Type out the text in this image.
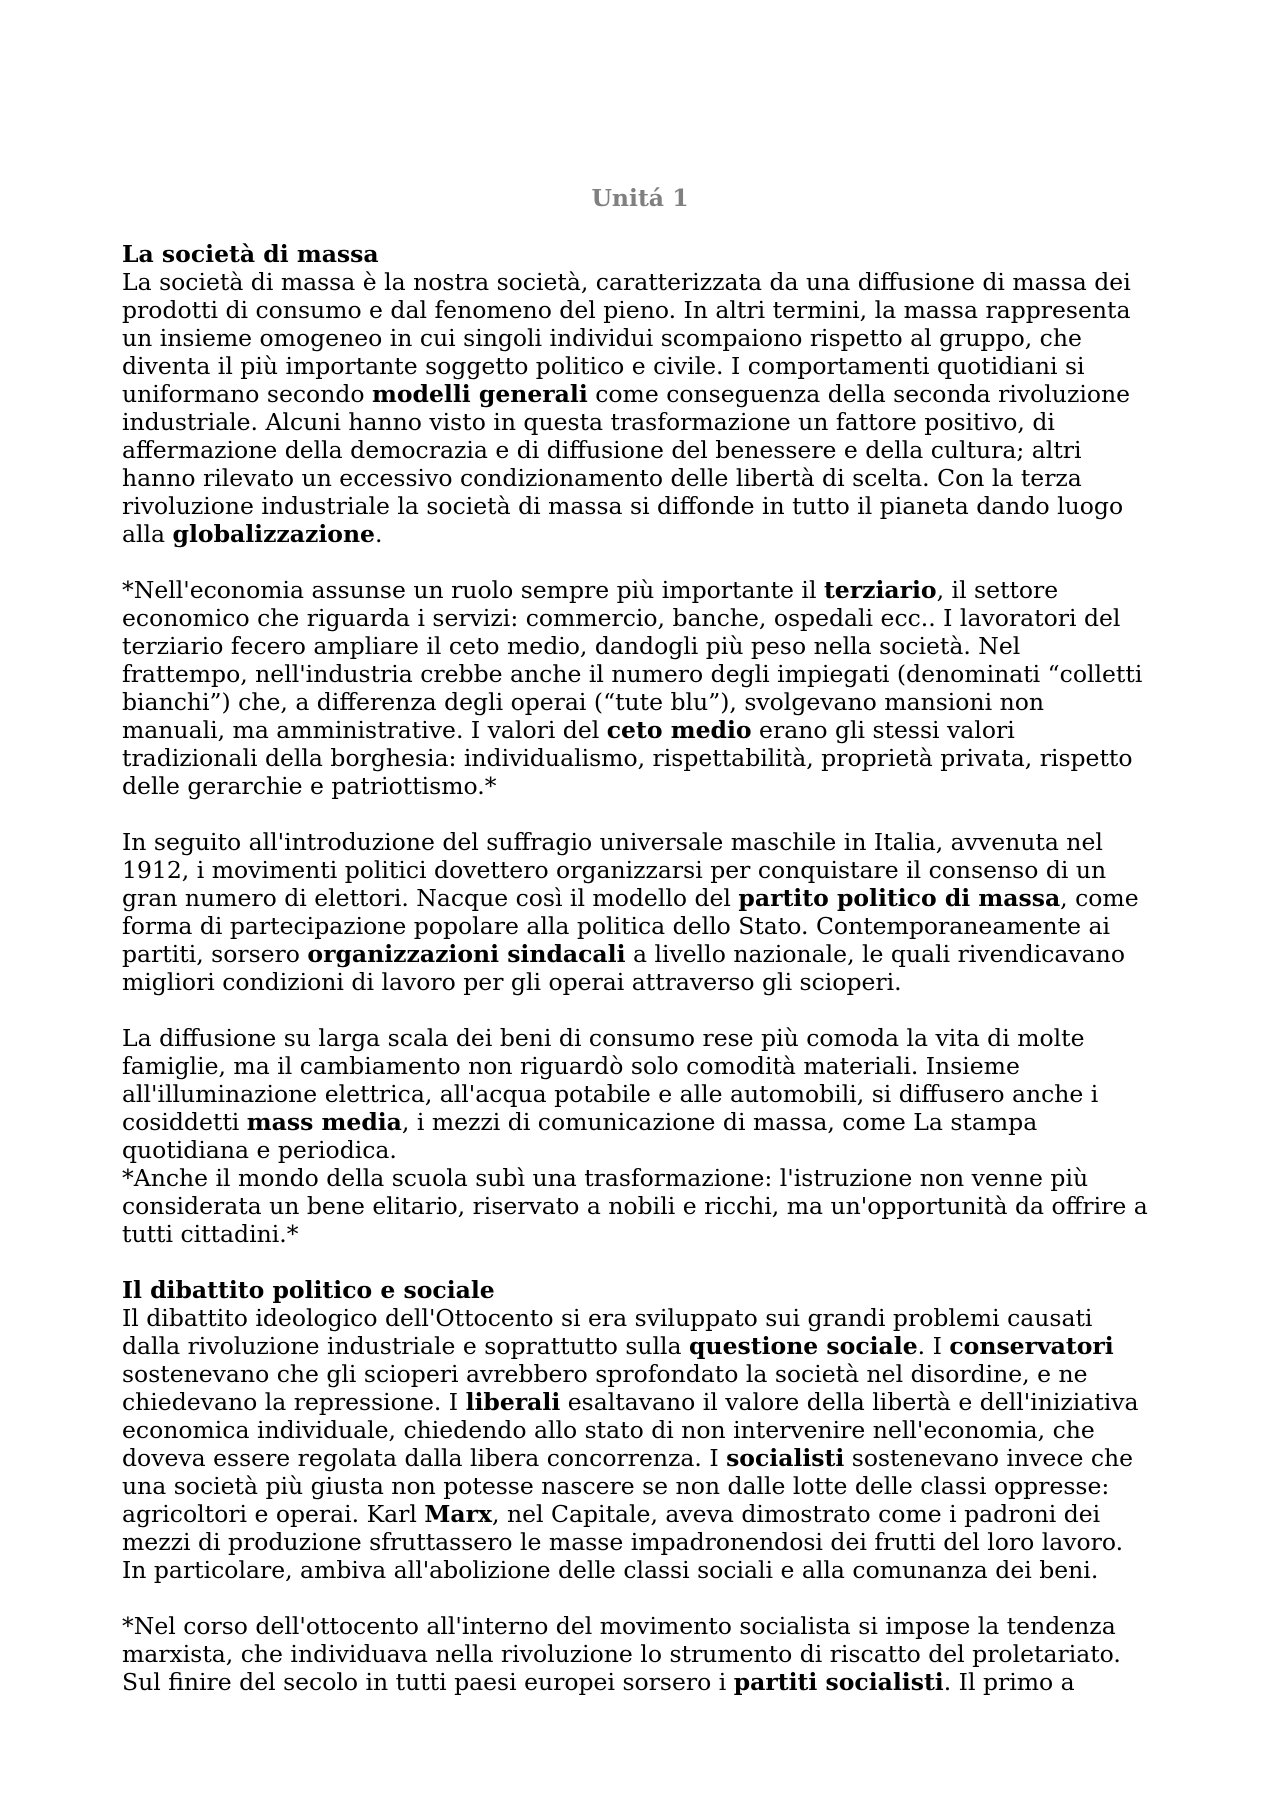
Unitá 1
La società di massa

La società di massa è la nostra società, caratterizzata da una diffusione di massa dei
prodotti di consumo e dal fenomeno del pieno. In altri termini, la massa rappresenta
un insieme omogeneo in cui singoli individui scompaiono rispetto al gruppo, che
diventa il più importante soggetto politico e civile. I comportamenti quotidiani si
uniformano secondo modelli generali come conseguenza della seconda rivoluzione
industriale. Alcuni hanno visto in questa trasformazione un fattore positivo, di
affermazione della democrazia e di diffusione del benessere e della cultura; altri
hanno rilevato un eccessivo condizionamento delle libertà di scelta. Con la terza
rivoluzione industriale la società di massa si diffonde in tutto il pianeta dando luogo
alla globalizzazione.

*Nell'economia assunse un ruolo sempre più importante il terziario, il settore
economico che riguarda i servizi: commercio, banche, ospedali ecc.. I lavoratori del
terziario fecero ampliare il ceto medio, dandogli più peso nella società. Nel
frattempo, nell'industria crebbe anche il numero degli impiegati (denominati “colletti
bianchi”) che, a differenza degli operai (“tute blu”), svolgevano mansioni non
manuali, ma amministrative. I valori del ceto medio erano gli stessi valori
tradizionali della borghesia: individualismo, rispettabilità, proprietà privata, rispetto
delle gerarchie e patriottismo.*

In seguito all'introduzione del suffragio universale maschile in Italia, avvenuta nel
1912, i movimenti politici dovettero organizzarsi per conquistare il consenso di un
gran numero di elettori. Nacque così il modello del partito politico di massa, come
forma di partecipazione popolare alla politica dello Stato. Contemporaneamente ai
partiti, sorsero organizzazioni sindacali a livello nazionale, le quali rivendicavano
migliori condizioni di lavoro per gli operai attraverso gli scioperi.

La diffusione su larga scala dei beni di consumo rese più comoda la vita di molte
famiglie, ma il cambiamento non riguardò solo comodità materiali. Insieme
all'illuminazione elettrica, all'acqua potabile e alle automobili, si diffusero anche i
cosiddetti mass media, i mezzi di comunicazione di massa, come La stampa
quotidiana e periodica.

*Anche il mondo della scuola subì una trasformazione: l'istruzione non venne più
considerata un bene elitario, riservato a nobili e ricchi, ma un'opportunità da offrire a
tutti cittadini.*

Il dibattito politico e sociale

Il dibattito ideologico dell'Ottocento si era sviluppato sui grandi problemi causati
dalla rivoluzione industriale e soprattutto sulla questione sociale. I conservatori
sostenevano che gli scioperi avrebbero sprofondato la società nel disordine, e ne
chiedevano la repressione. I liberali esaltavano il valore della libertà e dell'iniziativa
economica individuale, chiedendo allo stato di non intervenire nell'economia, che
doveva essere regolata dalla libera concorrenza. I socialisti sostenevano invece che
una società più giusta non potesse nascere se non dalle lotte delle classi oppresse:
agricoltori e operai. Karl Marx, nel Capitale, aveva dimostrato come i padroni dei
mezzi di produzione sfruttassero le masse impadronendosi dei frutti del loro lavoro.
In particolare, ambiva all'abolizione delle classi sociali e alla comunanza dei beni.

*Nel corso dell'ottocento all'interno del movimento socialista si impose la tendenza
marxista, che individuava nella rivoluzione lo strumento di riscatto del proletariato.
Sul finire del secolo in tutti paesi europei sorsero i partiti socialisti. Il primo a
